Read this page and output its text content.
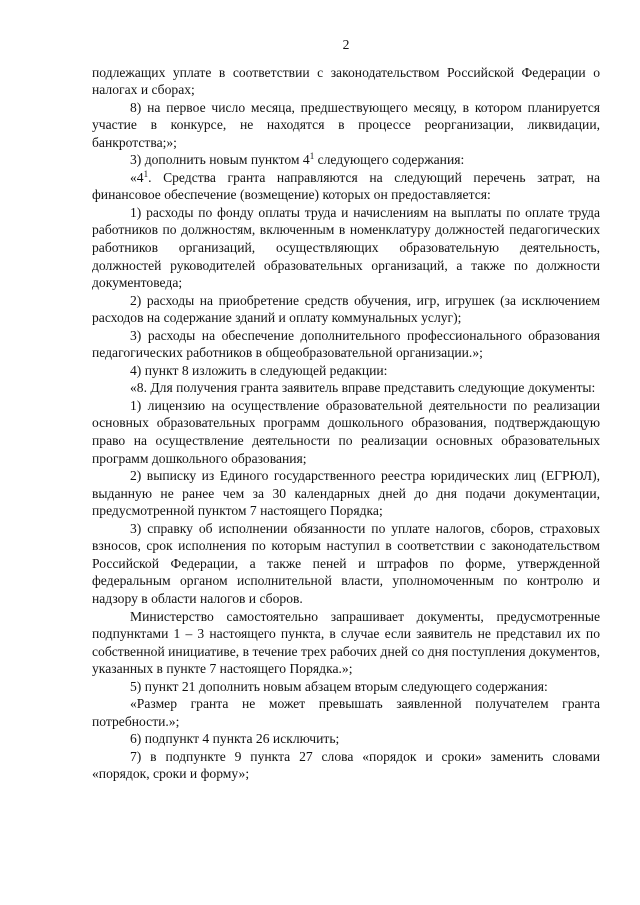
2

подлежащих уплате в соответствии с законодательством Российской Федерации о налогах и сборах;

8) на первое число месяца, предшествующего месяцу, в котором планируется участие в конкурсе, не находятся в процессе реорганизации, ликвидации, банкротства;»;

3) дополнить новым пунктом $4^1$ следующего содержания:

«$4^1$. Средства гранта направляются на следующий перечень затрат, на финансовое обеспечение (возмещение) которых он предоставляется:

1) расходы по фонду оплаты труда и начислениям на выплаты по оплате труда работников по должностям, включенным в номенклатуру должностей педагогических работников организаций, осуществляющих образовательную деятельность, должностей руководителей образовательных организаций, а также по должности документоведа;

2) расходы на приобретение средств обучения, игр, игрушек (за исключением расходов на содержание зданий и оплату коммунальных услуг);

3) расходы на обеспечение дополнительного профессионального образования педагогических работников в общеобразовательной организации.»;

4) пункт 8 изложить в следующей редакции:

«8. Для получения гранта заявитель вправе представить следующие документы:

1) лицензию на осуществление образовательной деятельности по реализации основных образовательных программ дошкольного образования, подтверждающую право на осуществление деятельности по реализации основных образовательных программ дошкольного образования;

2) выписку из Единого государственного реестра юридических лиц (ЕГРЮЛ), выданную не ранее чем за 30 календарных дней до дня подачи документации, предусмотренной пунктом 7 настоящего Порядка;

3) справку об исполнении обязанности по уплате налогов, сборов, страховых взносов, срок исполнения по которым наступил в соответствии с законодательством Российской Федерации, а также пеней и штрафов по форме, утвержденной федеральным органом исполнительной власти, уполномоченным по контролю и надзору в области налогов и сборов.

Министерство самостоятельно запрашивает документы, предусмотренные подпунктами 1 – 3 настоящего пункта, в случае если заявитель не представил их по собственной инициативе, в течение трех рабочих дней со дня поступления документов, указанных в пункте 7 настоящего Порядка.»;

5) пункт 21 дополнить новым абзацем вторым следующего содержания:

«Размер гранта не может превышать заявленной получателем гранта потребности.»;

6) подпункт 4 пункта 26 исключить;

7) в подпункте 9 пункта 27 слова «порядок и сроки» заменить словами «порядок, сроки и форму»;
